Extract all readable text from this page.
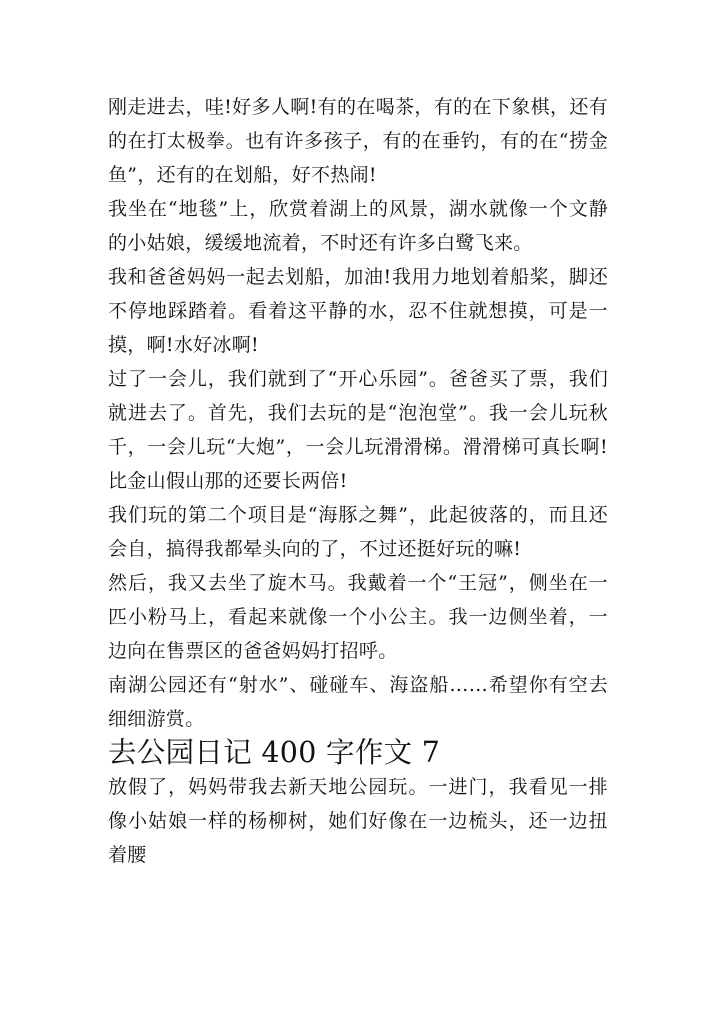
刚走进去，哇!好多人啊!有的在喝茶，有的在下象棋，还有的在打太极拳。也有许多孩子，有的在垂钓，有的在“捞金鱼”，还有的在划船，好不热闹!

我坐在“地毯”上，欣赏着湖上的风景，湖水就像一个文静的小姑娘，缓缓地流着，不时还有许多白鹭飞来。

我和爸爸妈妈一起去划船，加油!我用力地划着船桨，脚还不停地踩踏着。看着这平静的水，忍不住就想摸，可是一摸，啊!水好冰啊!

过了一会儿，我们就到了“开心乐园”。爸爸买了票，我们就进去了。首先，我们去玩的是“泡泡堂”。我一会儿玩秋千，一会儿玩“大炮”，一会儿玩滑滑梯。滑滑梯可真长啊!比金山假山那的还要长两倍!

我们玩的第二个项目是“海豚之舞”，此起彼落的，而且还会自，搞得我都晕头向的了，不过还挺好玩的嘛!

然后，我又去坐了旋木马。我戴着一个“王冠”，侧坐在一匹小粉马上，看起来就像一个小公主。我一边侧坐着，一边向在售票区的爸爸妈妈打招呼。

南湖公园还有“射水”、碰碰车、海盗船……希望你有空去细细游赏。

去公园日记 400 字作文 7

放假了，妈妈带我去新天地公园玩。一进门，我看见一排像小姑娘一样的杨柳树，她们好像在一边梳头，还一边扭着腰
